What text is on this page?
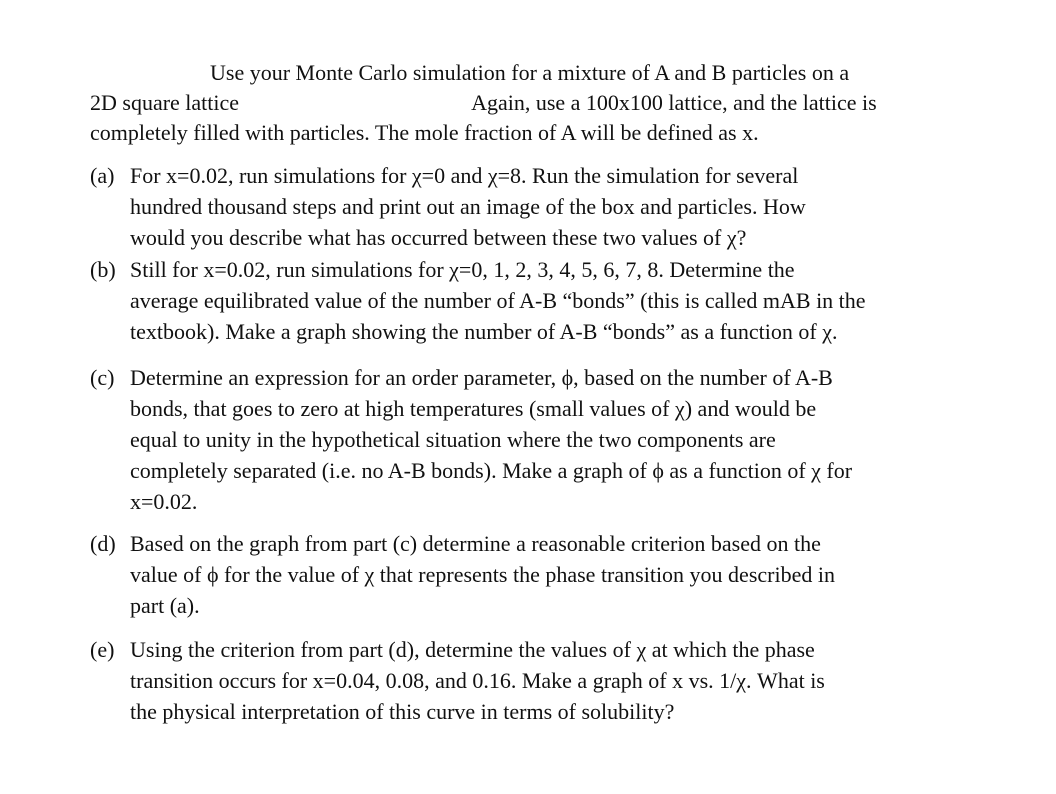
Use your Monte Carlo simulation for a mixture of A and B particles on a
2D square lattice	Again, use a 100x100 lattice, and the lattice is
completely filled with particles. The mole fraction of A will be defined as x.
(a) For x=0.02, run simulations for χ=0 and χ=8. Run the simulation for several
hundred thousand steps and print out an image of the box and particles. How
would you describe what has occurred between these two values of χ?
(b) Still for x=0.02, run simulations for χ=0, 1, 2, 3, 4, 5, 6, 7, 8. Determine the
average equilibrated value of the number of A-B “bonds” (this is called mAB in the
textbook). Make a graph showing the number of A-B “bonds” as a function of χ.
(c) Determine an expression for an order parameter, ϕ, based on the number of A-B
bonds, that goes to zero at high temperatures (small values of χ) and would be
equal to unity in the hypothetical situation where the two components are
completely separated (i.e. no A-B bonds). Make a graph of ϕ as a function of χ for
x=0.02.
(d) Based on the graph from part (c) determine a reasonable criterion based on the
value of ϕ for the value of χ that represents the phase transition you described in
part (a).
(e) Using the criterion from part (d), determine the values of χ at which the phase
transition occurs for x=0.04, 0.08, and 0.16. Make a graph of x vs. 1/χ. What is
the physical interpretation of this curve in terms of solubility?
